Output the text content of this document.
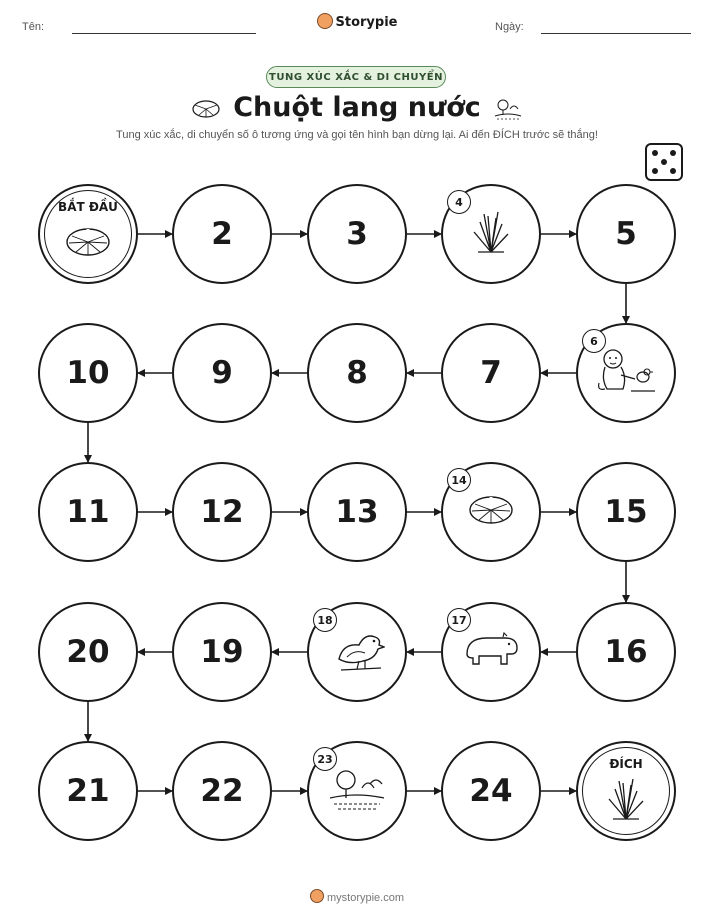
Tên:	Storypie	Ngày:
TUNG XÚC XẮC & DI CHUYỂN
Chuột lang nước
Tung xúc xắc, di chuyển số ô tương ứng và gọi tên hình bạn dừng lại. Ai đến ĐÍCH trước sẽ thắng!
BẮT ĐẦU
2	3
4
5
6
7
8
9
10
11	12	13
14
15
16
17
18
19
20
21	22
23
24
ĐÍCH
mystorypie.com
